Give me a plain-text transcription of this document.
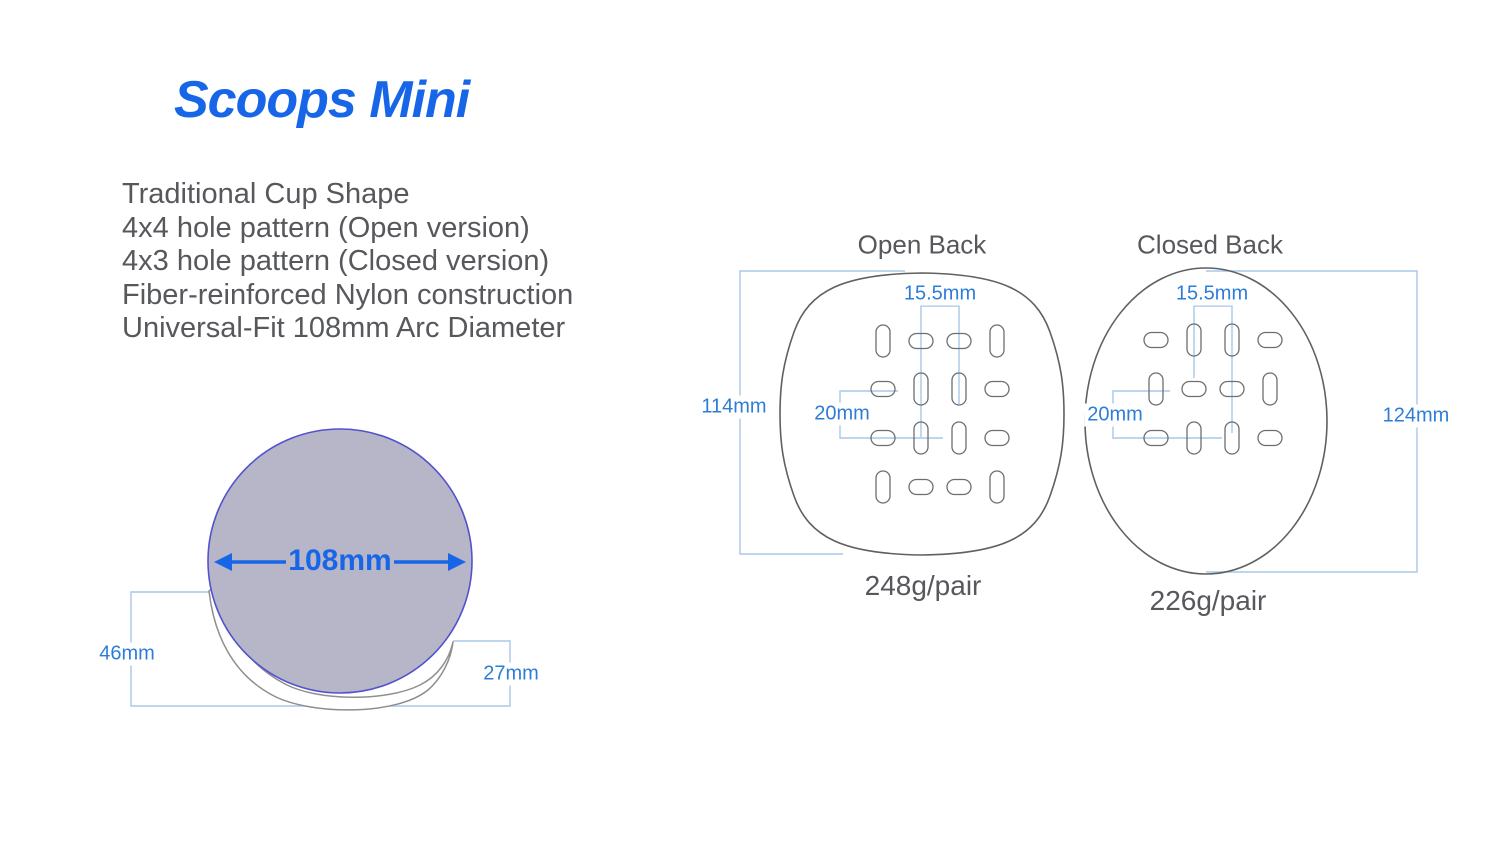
Scoops Mini
Traditional Cup Shape
4x4 hole pattern (Open version)
4x3 hole pattern (Closed version)
Fiber-reinforced Nylon construction
Universal-Fit 108mm Arc Diameter
108mm
46mm
27mm
Open Back
248g/pair
114mm
15.5mm
20mm
Closed Back
226g/pair
124mm
15.5mm
20mm
